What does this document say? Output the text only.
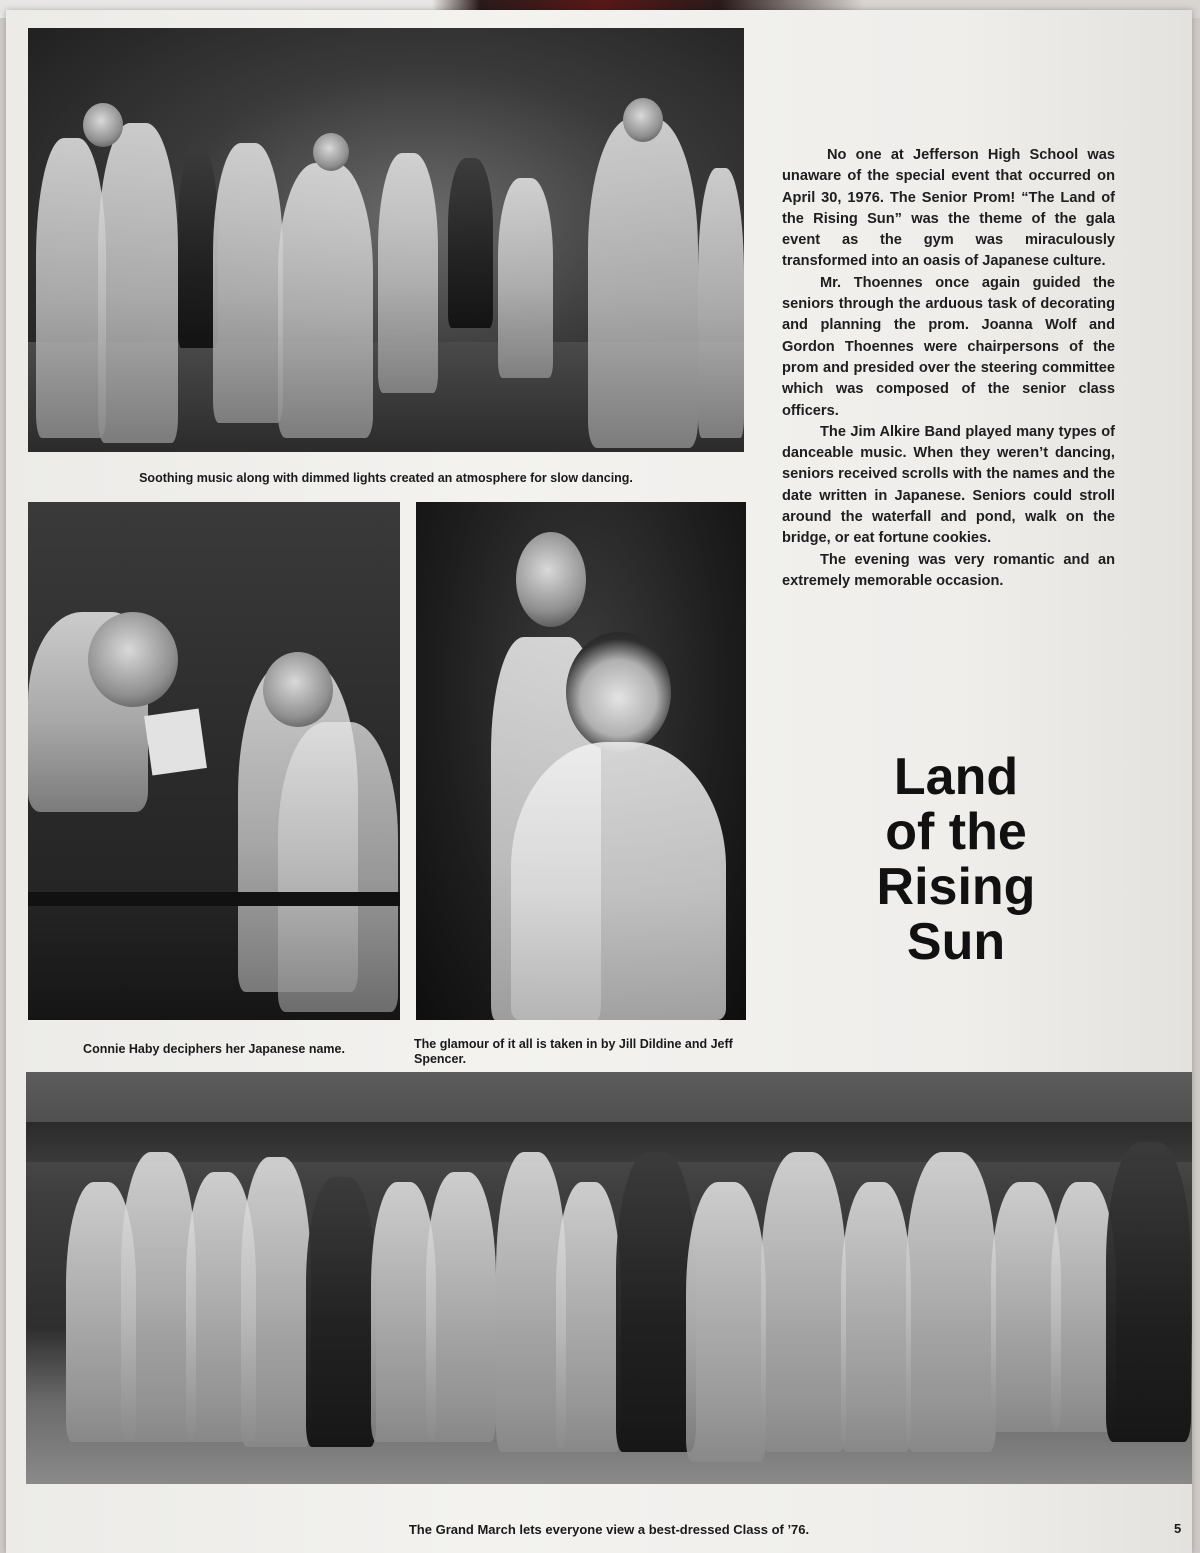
Soothing music along with dimmed lights created an atmosphere for slow dancing.
Connie Haby deciphers her Japanese name.	The glamour of it all is taken in by Jill Dildine and Jeff Spencer.

No one at Jefferson High School was unaware of the special event that occurred on April 30, 1976. The Senior Prom! “The Land of the Rising Sun” was the theme of the gala event as the gym was miraculously transformed into an oasis of Japanese culture.

Mr. Thoennes once again guided the seniors through the arduous task of decorating and planning the prom. Joanna Wolf and Gordon Thoennes were chairpersons of the prom and presided over the steering committee which was composed of the senior class officers.

The Jim Alkire Band played many types of danceable music. When they weren’t dancing, seniors received scrolls with the names and the date written in Japanese. Seniors could stroll around the waterfall and pond, walk on the bridge, or eat fortune cookies.

The evening was very romantic and an extremely memorable occasion.

Land
of the
Rising
Sun
The Grand March lets everyone view a best-dressed Class of ’76.	5
